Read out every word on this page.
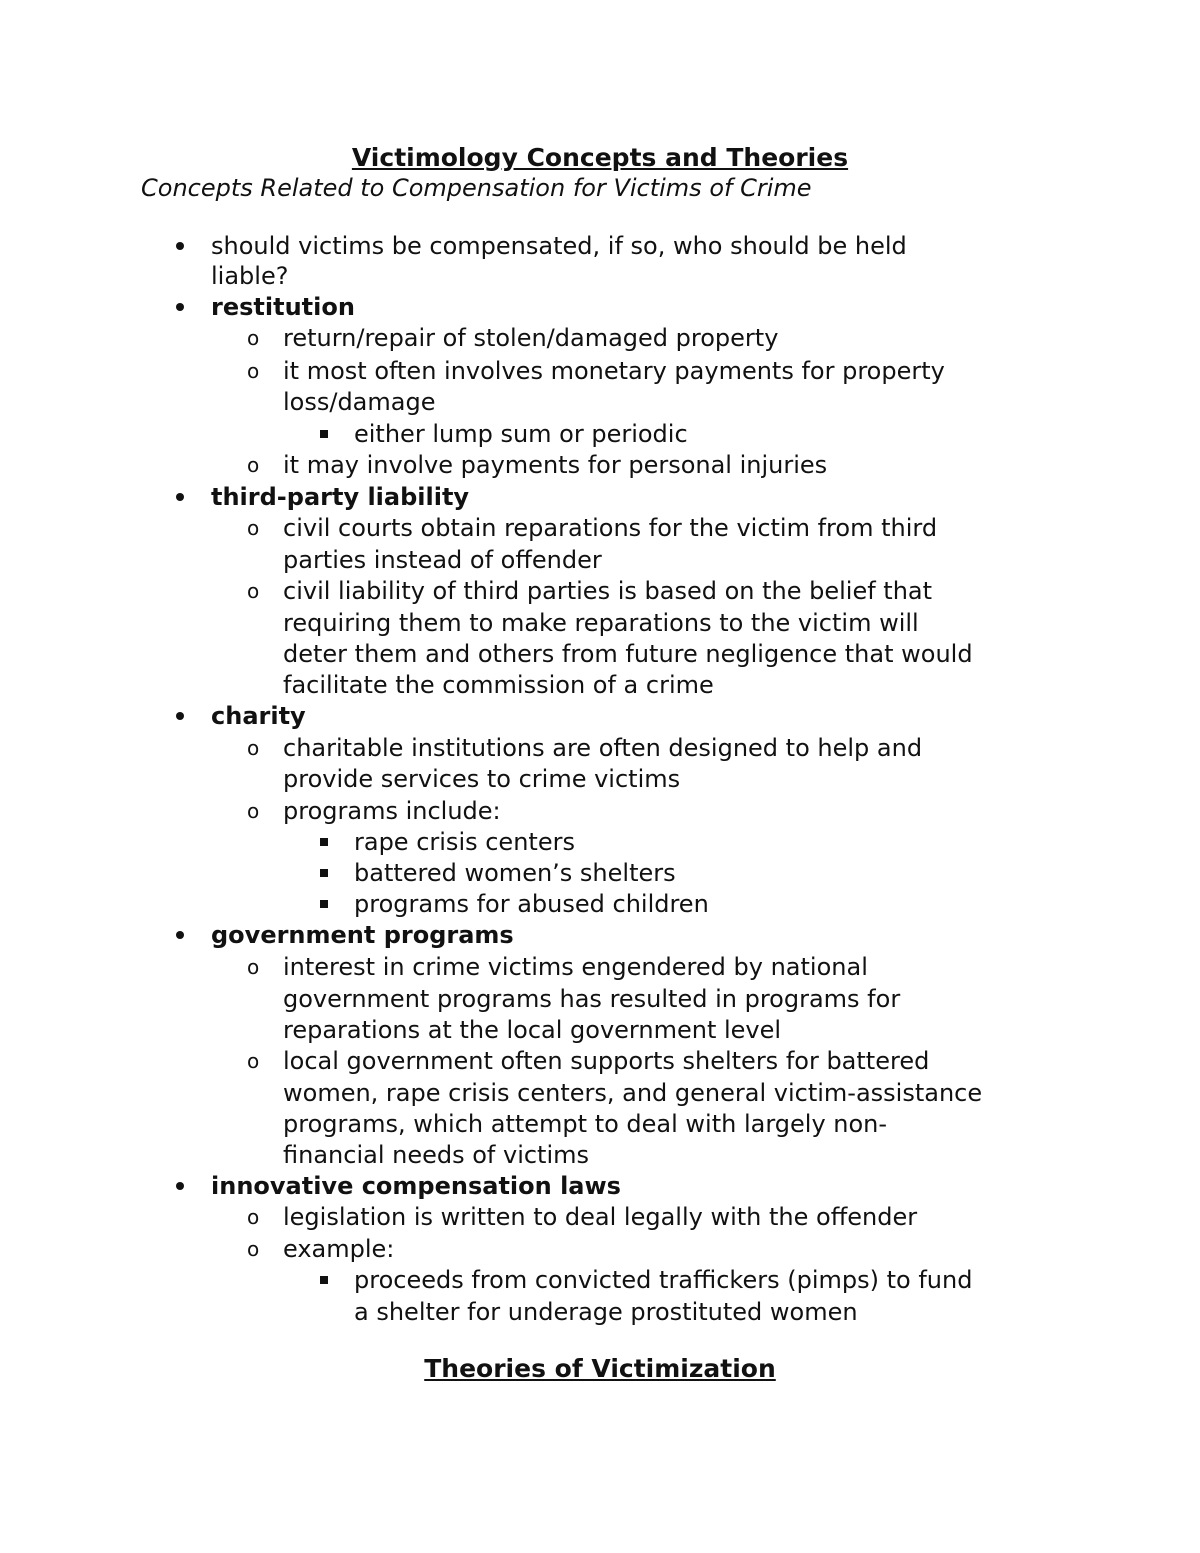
Victimology Concepts and Theories
Concepts Related to Compensation for Victims of Crime
should victims be compensated, if so, who should be held
liable?
restitution
o return/repair of stolen/damaged property
o it most often involves monetary payments for property
loss/damage
either lump sum or periodic
o it may involve payments for personal injuries
third-party liability
o civil courts obtain reparations for the victim from third
parties instead of offender
o civil liability of third parties is based on the belief that
requiring them to make reparations to the victim will
deter them and others from future negligence that would
facilitate the commission of a crime
charity
o charitable institutions are often designed to help and
provide services to crime victims
o programs include:
rape crisis centers
battered women’s shelters
programs for abused children
government programs
o interest in crime victims engendered by national
government programs has resulted in programs for
reparations at the local government level
o local government often supports shelters for battered
women, rape crisis centers, and general victim-assistance
programs, which attempt to deal with largely non-
financial needs of victims
innovative compensation laws
o legislation is written to deal legally with the offender
o example:
proceeds from convicted traffickers (pimps) to fund
a shelter for underage prostituted women
Theories of Victimization
